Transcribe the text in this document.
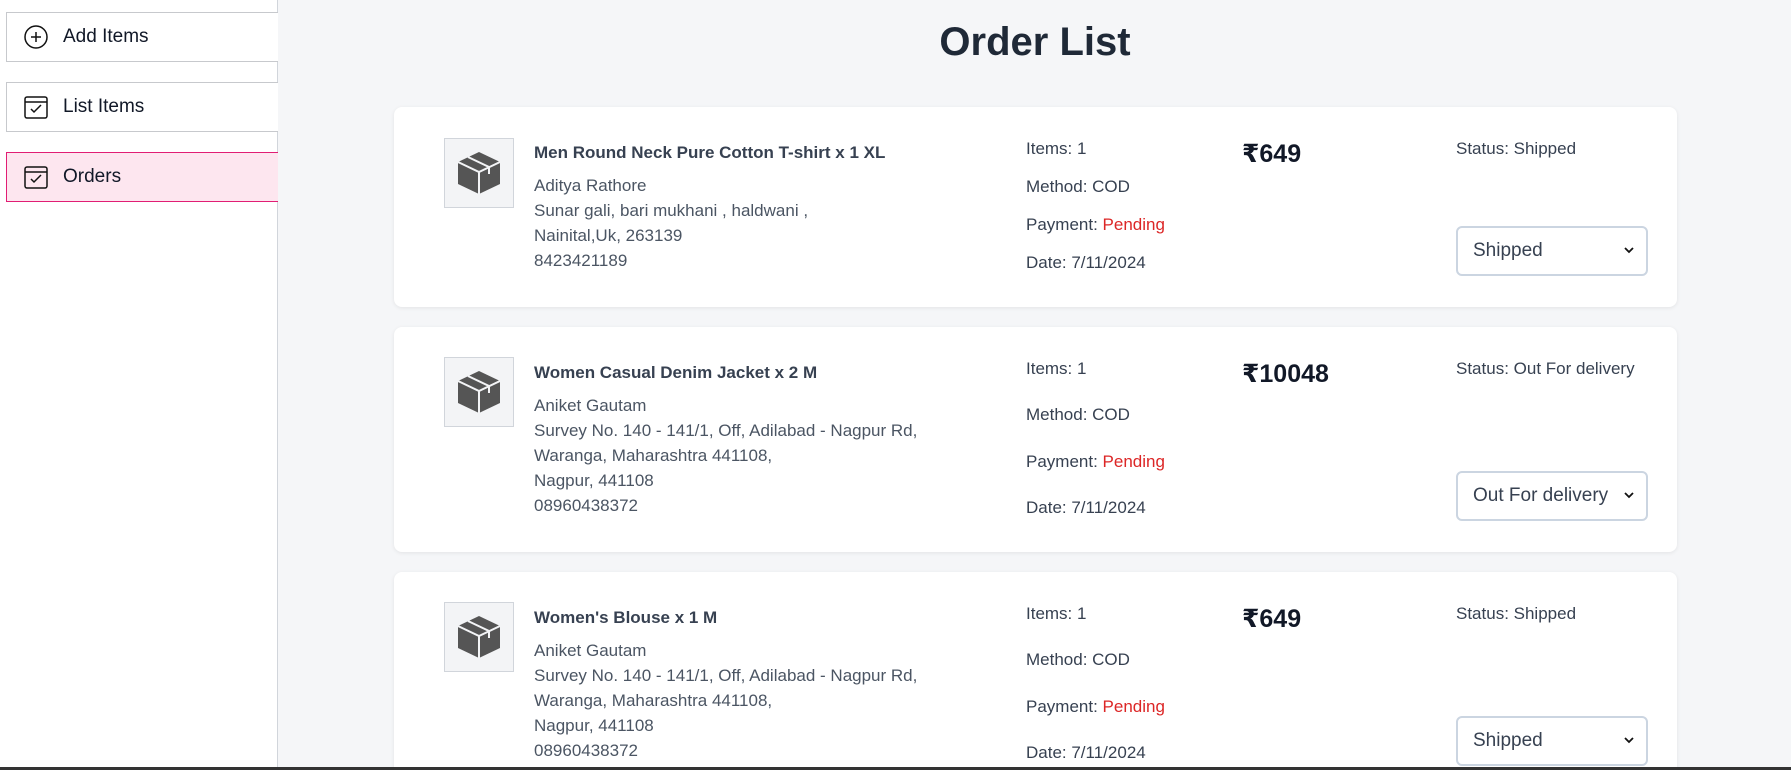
Add Items
List Items
Orders
Order List
Men Round Neck Pure Cotton T-shirt x 1 XL
Aditya Rathore
Sunar gali, bari mukhani , haldwani ,
Nainital,Uk, 263139
8423421189
Items: 1
Method: COD
Payment: Pending
Date: 7/11/2024
₹649	Status: Shipped
Shipped
Women Casual Denim Jacket x 2 M
Aniket Gautam
Survey No. 140 - 141/1, Off, Adilabad - Nagpur Rd,
Waranga, Maharashtra 441108,
Nagpur, 441108
08960438372
Items: 1
Method: COD
Payment: Pending
Date: 7/11/2024
₹10048	Status: Out For delivery
Out For delivery
Women's Blouse x 1 M
Aniket Gautam
Survey No. 140 - 141/1, Off, Adilabad - Nagpur Rd,
Waranga, Maharashtra 441108,
Nagpur, 441108
08960438372
Items: 1
Method: COD
Payment: Pending
Date: 7/11/2024
₹649	Status: Shipped
Shipped
